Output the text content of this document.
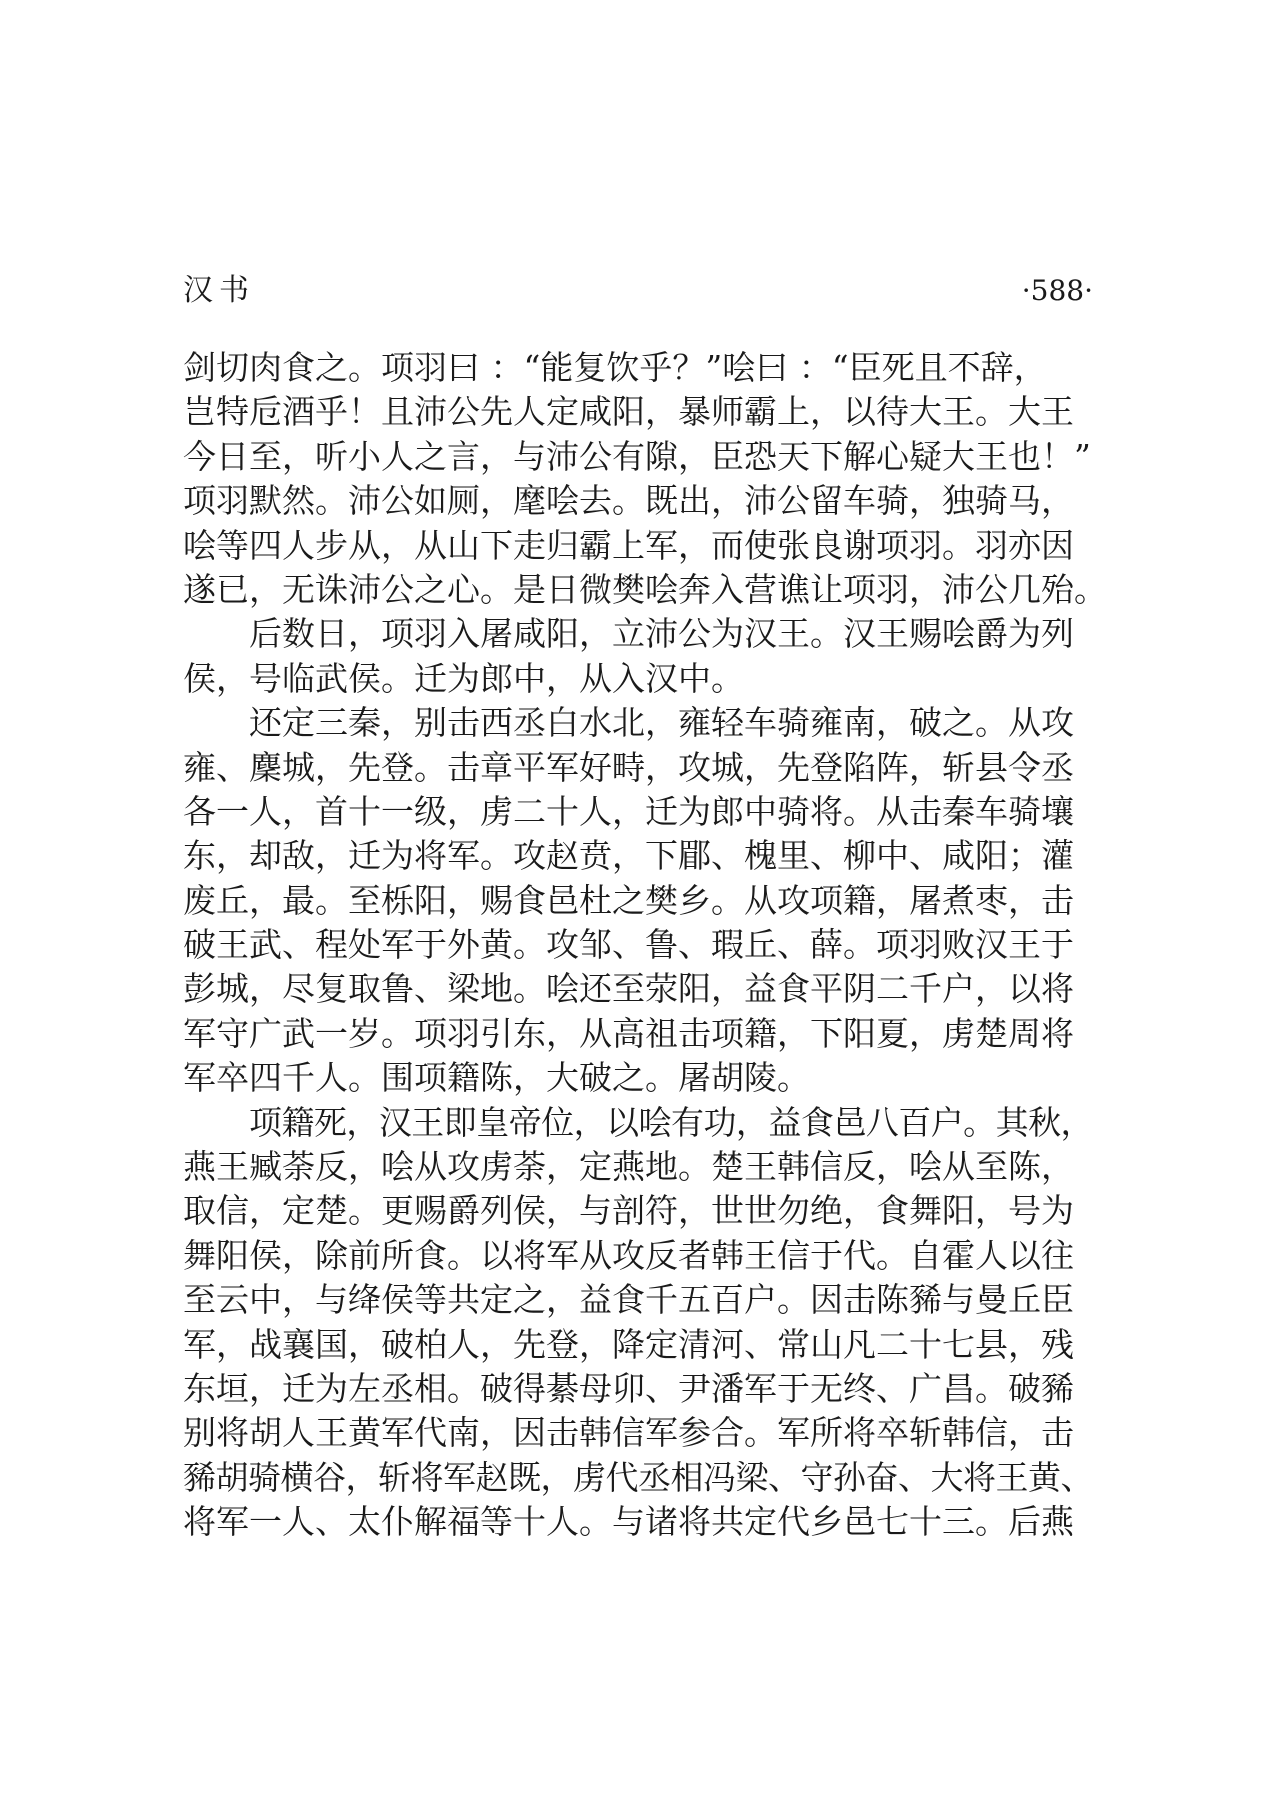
汉书	·588·
剑切肉食之。项羽曰 ：“能复饮乎？”哙曰 ：“臣死且不辞，
岂特卮酒乎！且沛公先人定咸阳，暴师霸上，以待大王。大王
今日至，听小人之言，与沛公有隙，臣恐天下解心疑大王也！”
项羽默然。沛公如厕，麾哙去。既出，沛公留车骑，独骑马，
哙等四人步从，从山下走归霸上军，而使张良谢项羽。羽亦因
遂已，无诛沛公之心。是日微樊哙奔入营谯让项羽，沛公几殆。
后数日，项羽入屠咸阳，立沛公为汉王。汉王赐哙爵为列
侯，号临武侯。迁为郎中，从入汉中。
还定三秦，别击西丞白水北，雍轻车骑雍南，破之。从攻
雍、麇城，先登。击章平军好畤，攻城，先登陷阵，斩县令丞
各一人，首十一级，虏二十人，迁为郎中骑将。从击秦车骑壤
东，却敌，迁为将军。攻赵贲，下郿、槐里、柳中、咸阳；灌
废丘，最。至栎阳，赐食邑杜之樊乡。从攻项籍，屠煮枣，击
破王武、程处军于外黄。攻邹、鲁、瑕丘、薛。项羽败汉王于
彭城，尽复取鲁、梁地。哙还至荥阳，益食平阴二千户，以将
军守广武一岁。项羽引东，从高祖击项籍，下阳夏，虏楚周将
军卒四千人。围项籍陈，大破之。屠胡陵。
项籍死，汉王即皇帝位，以哙有功，益食邑八百户。其秋，
燕王臧荼反，哙从攻虏荼，定燕地。楚王韩信反，哙从至陈，
取信，定楚。更赐爵列侯，与剖符，世世勿绝，食舞阳，号为
舞阳侯，除前所食。以将军从攻反者韩王信于代。自霍人以往
至云中，与绛侯等共定之，益食千五百户。因击陈豨与曼丘臣
军，战襄国，破柏人，先登，降定清河、常山凡二十七县，残
东垣，迁为左丞相。破得綦母卯、尹潘军于无终、广昌。破豨
别将胡人王黄军代南，因击韩信军参合。军所将卒斩韩信，击
豨胡骑横谷，斩将军赵既，虏代丞相冯梁、守孙奋、大将王黄、
将军一人、太仆解福等十人。与诸将共定代乡邑七十三。后燕
